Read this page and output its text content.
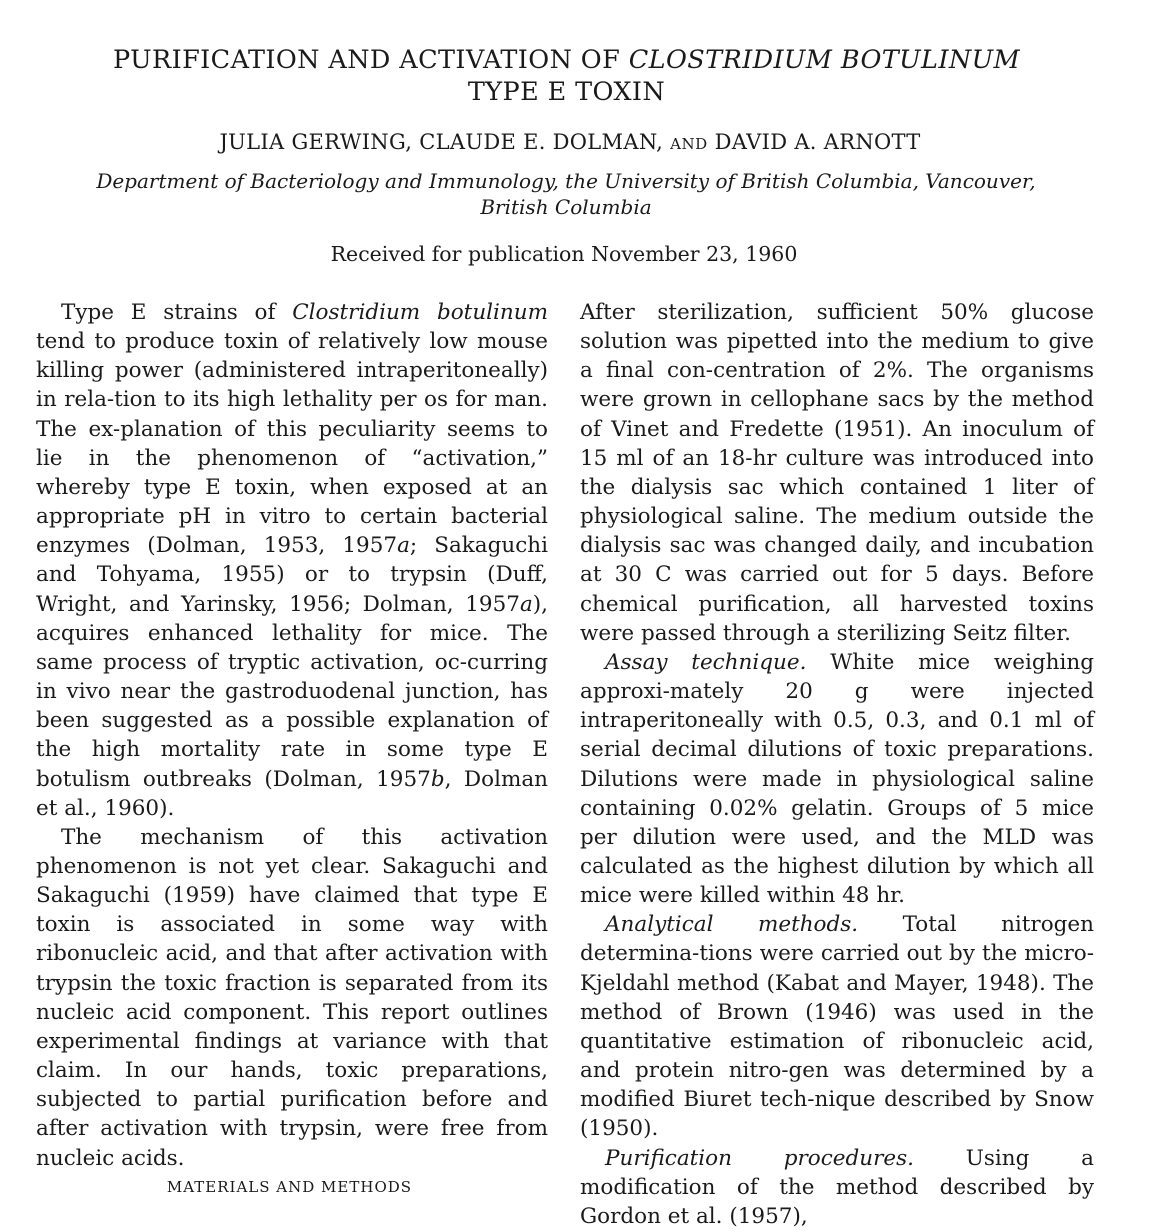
PURIFICATION AND ACTIVATION OF CLOSTRIDIUM BOTULINUM
TYPE E TOXIN
JULIA GERWING, CLAUDE E. DOLMAN, AND DAVID A. ARNOTT
Department of Bacteriology and Immunology, the University of British Columbia, Vancouver,
British Columbia
Received for publication November 23, 1960

Type E strains of Clostridium botulinum tend to produce toxin of relatively low mouse killing power (administered intraperitoneally) in rela-tion to its high lethality per os for man. The ex-planation of this peculiarity seems to lie in the phenomenon of “activation,” whereby type E toxin, when exposed at an appropriate pH in vitro to certain bacterial enzymes (Dolman, 1953, 1957a; Sakaguchi and Tohyama, 1955) or to trypsin (Duff, Wright, and Yarinsky, 1956; Dolman, 1957a), acquires enhanced lethality for mice. The same process of tryptic activation, oc-curring in vivo near the gastroduodenal junction, has been suggested as a possible explanation of the high mortality rate in some type E botulism outbreaks (Dolman, 1957b, Dolman et al., 1960).

The mechanism of this activation phenomenon is not yet clear. Sakaguchi and Sakaguchi (1959) have claimed that type E toxin is associated in some way with ribonucleic acid, and that after activation with trypsin the toxic fraction is separated from its nucleic acid component. This report outlines experimental findings at variance with that claim. In our hands, toxic preparations, subjected to partial purification before and after activation with trypsin, were free from nucleic acids.

MATERIALS AND METHODS

After sterilization, sufficient 50% glucose solution was pipetted into the medium to give a final con-centration of 2%. The organisms were grown in cellophane sacs by the method of Vinet and Fredette (1951). An inoculum of 15 ml of an 18-hr culture was introduced into the dialysis sac which contained 1 liter of physiological saline. The medium outside the dialysis sac was changed daily, and incubation at 30 C was carried out for 5 days. Before chemical purification, all harvested toxins were passed through a sterilizing Seitz filter.

Assay technique. White mice weighing approxi-mately 20 g were injected intraperitoneally with 0.5, 0.3, and 0.1 ml of serial decimal dilutions of toxic preparations. Dilutions were made in physiological saline containing 0.02% gelatin. Groups of 5 mice per dilution were used, and the MLD was calculated as the highest dilution by which all mice were killed within 48 hr.

Analytical methods. Total nitrogen determina-tions were carried out by the micro-Kjeldahl method (Kabat and Mayer, 1948). The method of Brown (1946) was used in the quantitative estimation of ribonucleic acid, and protein nitro-gen was determined by a modified Biuret tech-nique described by Snow (1950).

Purification procedures. Using a modification of the method described by Gordon et al. (1957),
